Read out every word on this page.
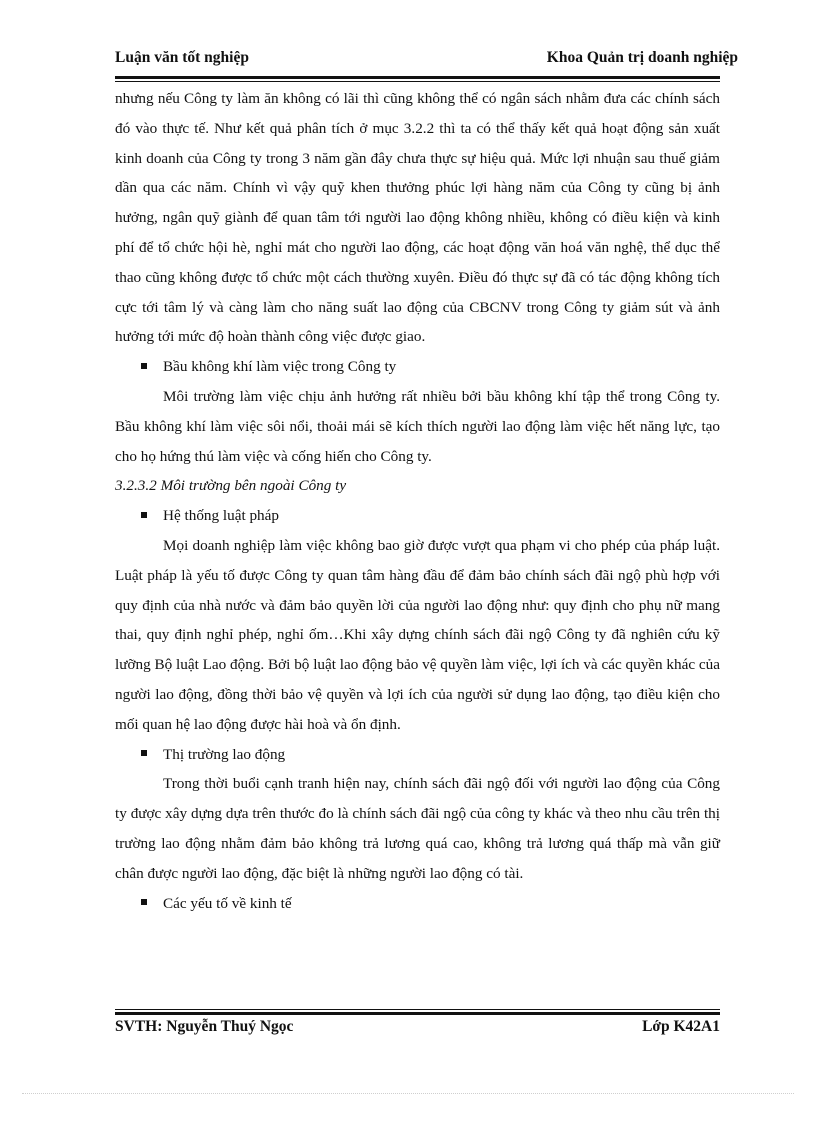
Luận văn tốt nghiệp	Khoa Quản trị doanh nghiệp

nhưng nếu Công ty làm ăn không có lãi thì cũng không thể có ngân sách nhằm đưa các chính sách đó vào thực tế. Như kết quả phân tích ở mục 3.2.2 thì ta có thể thấy kết quả hoạt động sản xuất kinh doanh của Công ty trong 3 năm gần đây chưa thực sự hiệu quả. Mức lợi nhuận sau thuế giảm dần qua các năm. Chính vì vậy quỹ khen thưởng phúc lợi hàng năm của Công ty cũng bị ảnh hưởng, ngân quỹ giành để quan tâm tới người lao động không nhiều, không có điều kiện và kinh phí để tổ chức hội hè, nghỉ mát cho người lao động, các hoạt động văn hoá văn nghệ, thể dục thể thao cũng không được tổ chức một cách thường xuyên. Điều đó thực sự đã có tác động không tích cực tới tâm lý và càng làm cho năng suất lao động của CBCNV trong Công ty giảm sút và ảnh hưởng tới mức độ hoàn thành công việc được giao.

Bầu không khí làm việc trong Công ty

Môi trường làm việc chịu ảnh hưởng rất nhiều bởi bầu không khí tập thể trong Công ty. Bầu không khí làm việc sôi nổi, thoải mái sẽ kích thích người lao động làm việc hết năng lực, tạo cho họ hứng thú làm việc và cống hiến cho Công ty.

3.2.3.2 Môi trường bên ngoài Công ty

Hệ thống luật pháp

Mọi doanh nghiệp làm việc không bao giờ được vượt qua phạm vi cho phép của pháp luật. Luật pháp là yếu tố được Công ty quan tâm hàng đầu để đảm bảo chính sách đãi ngộ phù hợp với quy định của nhà nước và đảm bảo quyền lời của người lao động như: quy định cho phụ nữ mang thai, quy định nghỉ phép, nghỉ ốm…Khi xây dựng chính sách đãi ngộ Công ty đã nghiên cứu kỹ lưỡng Bộ luật Lao động. Bởi bộ luật lao động bảo vệ quyền làm việc, lợi ích và các quyền khác của người lao động, đồng thời bảo vệ quyền và lợi ích của người sử dụng lao động, tạo điều kiện cho mối quan hệ lao động được hài hoà và ổn định.

Thị trường lao động

Trong thời buổi cạnh tranh hiện nay, chính sách đãi ngộ đối với người lao động của Công ty được xây dựng dựa trên thước đo là chính sách đãi ngộ của công ty khác và theo nhu cầu trên thị trường lao động nhằm đảm bảo không trả lương quá cao, không trả lương quá thấp mà vẫn giữ chân được người lao động, đặc biệt là những người lao động có tài.

Các yếu tố về kinh tế

SVTH: Nguyễn Thuý Ngọc	Lớp K42A1
